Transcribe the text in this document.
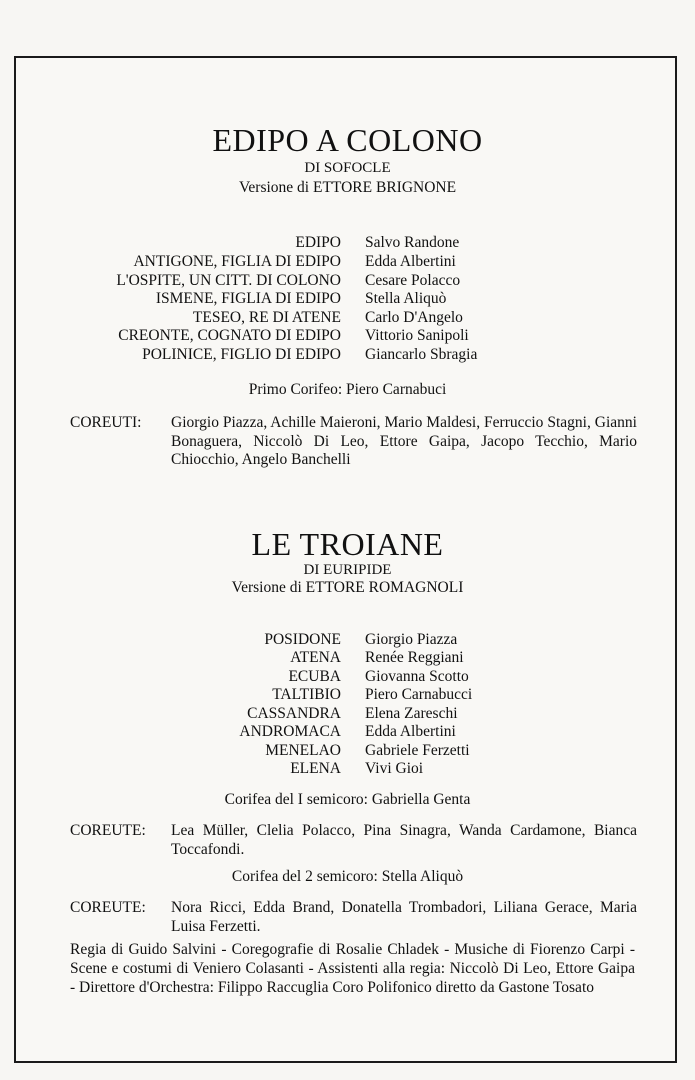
EDIPO A COLONO
DI SOFOCLE
Versione di ETTORE BRIGNONE
EDIPO Salvo Randone
ANTIGONE, FIGLIA DI EDIPO Edda Albertini
L'OSPITE, UN CITT. DI COLONO Cesare Polacco
ISMENE, FIGLIA DI EDIPO Stella Aliquò
TESEO, RE DI ATENE Carlo D'Angelo
CREONTE, COGNATO DI EDIPO Vittorio Sanipoli
POLINICE, FIGLIO DI EDIPO Giancarlo Sbragia
Primo Corifeo: Piero Carnabuci
COREUTI: Giorgio Piazza, Achille Maieroni, Mario Maldesi, Ferruccio Stagni, Gianni Bonaguera, Niccolò Di Leo, Ettore Gaipa, Jacopo Tecchio, Mario Chiocchio, Angelo Banchelli
LE TROIANE
DI EURIPIDE
Versione di ETTORE ROMAGNOLI
POSIDONE Giorgio Piazza
ATENA Renée Reggiani
ECUBA Giovanna Scotto
TALTIBIO Piero Carnabucci
CASSANDRA Elena Zareschi
ANDROMACA Edda Albertini
MENELAO Gabriele Ferzetti
ELENA Vivi Gioi
Corifea del I semicoro: Gabriella Genta
COREUTE: Lea Müller, Clelia Polacco, Pina Sinagra, Wanda Cardamone, Bianca Toccafondi.
Corifea del 2 semicoro: Stella Aliquò
COREUTE: Nora Ricci, Edda Brand, Donatella Trombadori, Liliana Gerace, Maria Luisa Ferzetti.
Regia di Guido Salvini - Coregografie di Rosalie Chladek - Musiche di Fiorenzo Carpi - Scene e costumi di Veniero Colasanti - Assistenti alla regia: Niccolò Di Leo, Ettore Gaipa - Direttore d'Orchestra: Filippo Raccuglia Coro Polifonico diretto da Gastone Tosato
